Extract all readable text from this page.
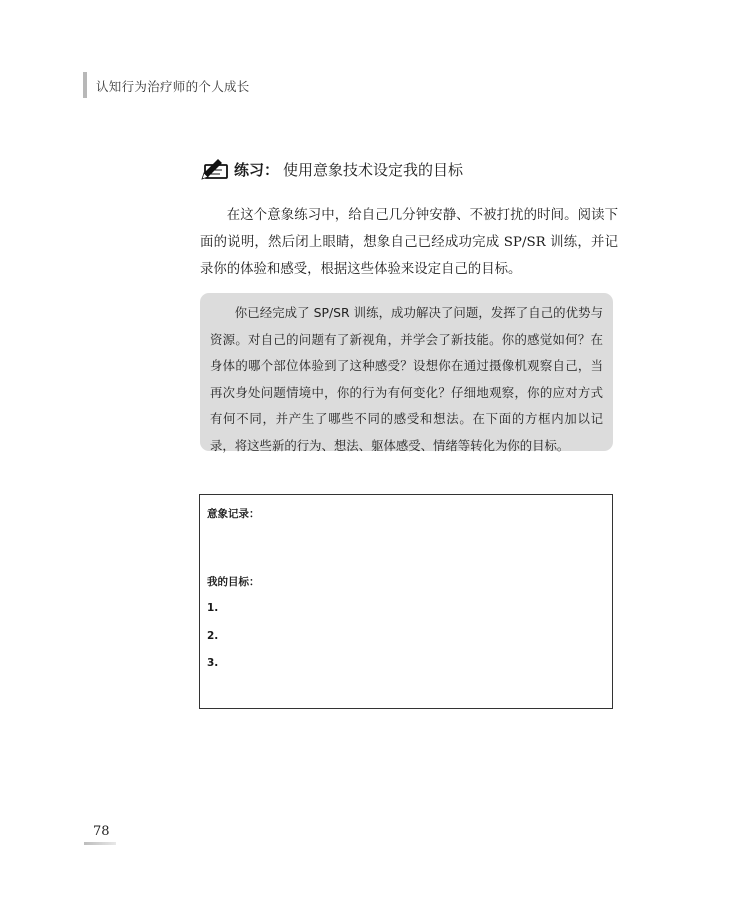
认知行为治疗师的个人成长
练习 ： 使用意象技术设定我的目标

在这个意象练习中，给自己几分钟安静、不被打扰的时间。阅读下面的说明，然后闭上眼睛，想象自己已经成功完成 SP/SR 训练，并记录你的体验和感受，根据这些体验来设定自己的目标。

你已经完成了 SP/SR 训练，成功解决了问题，发挥了自己的优势与资源。对自己的问题有了新视角，并学会了新技能。你的感觉如何？在身体的哪个部位体验到了这种感受？设想你在通过摄像机观察自己，当再次身处问题情境中，你的行为有何变化？仔细地观察，你的应对方式有何不同，并产生了哪些不同的感受和想法。在下面的方框内加以记录，将这些新的行为、想法、躯体感受、情绪等转化为你的目标。

意象记录：
我的目标：
1.
2.
3.
78
